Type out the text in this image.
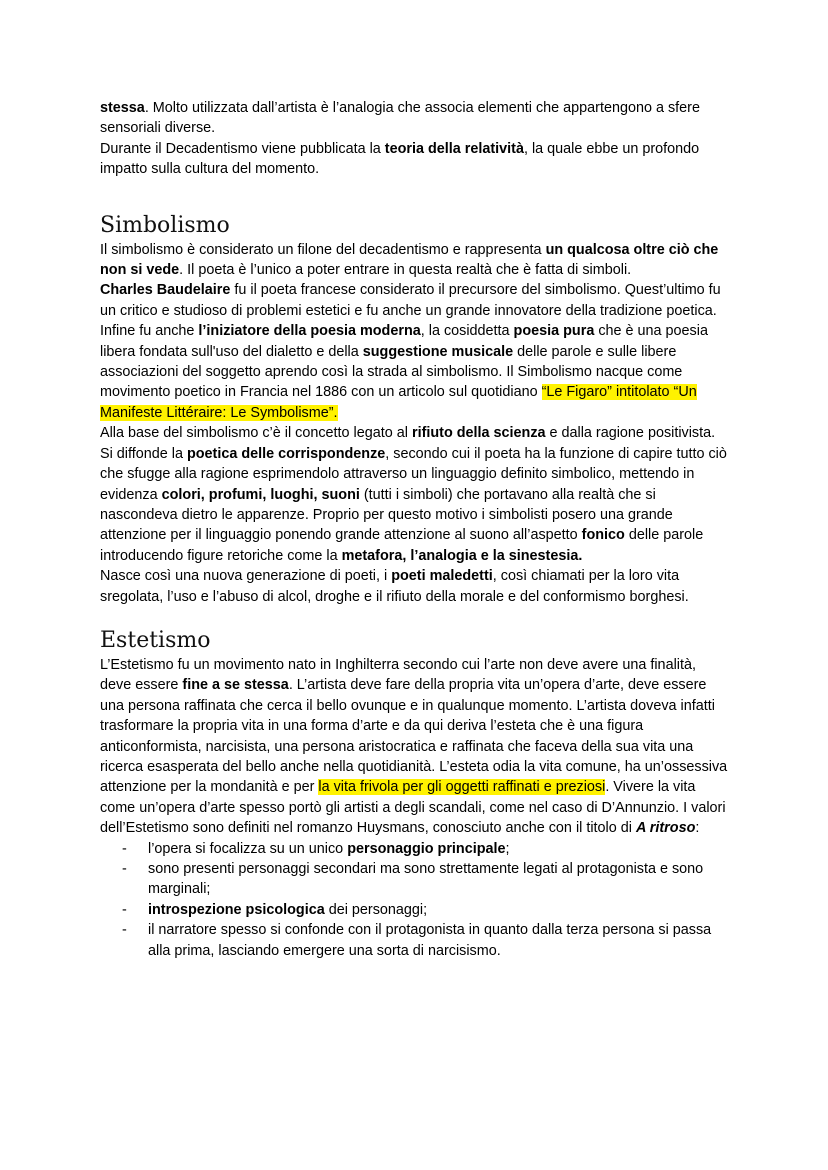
stessa. Molto utilizzata dall’artista è l’analogia che associa elementi che appartengono a sfere sensoriali diverse.

Durante il Decadentismo viene pubblicata la teoria della relatività, la quale ebbe un profondo impatto sulla cultura del momento.

Simbolismo

Il simbolismo è considerato un filone del decadentismo e rappresenta un qualcosa oltre ciò che non si vede. Il poeta è l’unico a poter entrare in questa realtà che è fatta di simboli.

Charles Baudelaire fu il poeta francese considerato il precursore del simbolismo. Quest’ultimo fu un critico e studioso di problemi estetici e fu anche un grande innovatore della tradizione poetica. Infine fu anche l’iniziatore della poesia moderna, la cosiddetta poesia pura che è una poesia libera fondata sull'uso del dialetto e della suggestione musicale delle parole e sulle libere associazioni del soggetto aprendo così la strada al simbolismo. Il Simbolismo nacque come movimento poetico in Francia nel 1886 con un articolo sul quotidiano “Le Figaro” intitolato “Un Manifeste Littéraire: Le Symbolisme”.

Alla base del simbolismo c’è il concetto legato al rifiuto della scienza e dalla ragione positivista. Si diffonde la poetica delle corrispondenze, secondo cui il poeta ha la funzione di capire tutto ciò che sfugge alla ragione esprimendolo attraverso un linguaggio definito simbolico, mettendo in evidenza colori, profumi, luoghi, suoni (tutti i simboli) che portavano alla realtà che si nascondeva dietro le apparenze. Proprio per questo motivo i simbolisti posero una grande attenzione per il linguaggio ponendo grande attenzione al suono all’aspetto fonico delle parole introducendo figure retoriche come la metafora, l’analogia e la sinestesia.

Nasce così una nuova generazione di poeti, i poeti maledetti, così chiamati per la loro vita sregolata, l’uso e l’abuso di alcol, droghe e il rifiuto della morale e del conformismo borghesi.

Estetismo

L’Estetismo fu un movimento nato in Inghilterra secondo cui l’arte non deve avere una finalità, deve essere fine a se stessa. L’artista deve fare della propria vita un’opera d’arte, deve essere una persona raffinata che cerca il bello ovunque e in qualunque momento. L’artista doveva infatti trasformare la propria vita in una forma d’arte e da qui deriva l’esteta che è una figura anticonformista, narcisista, una persona aristocratica e raffinata che faceva della sua vita una ricerca esasperata del bello anche nella quotidianità. L’esteta odia la vita comune, ha un’ossessiva attenzione per la mondanità e per la vita frivola per gli oggetti raffinati e preziosi. Vivere la vita come un’opera d’arte spesso portò gli artisti a degli scandali, come nel caso di D’Annunzio. I valori dell’Estetismo sono definiti nel romanzo Huysmans, conosciuto anche con il titolo di A ritroso:

- l’opera si focalizza su un unico personaggio principale;
- sono presenti personaggi secondari ma sono strettamente legati al protagonista e sono marginali;
- introspezione psicologica dei personaggi;
- il narratore spesso si confonde con il protagonista in quanto dalla terza persona si passa alla prima, lasciando emergere una sorta di narcisismo.
